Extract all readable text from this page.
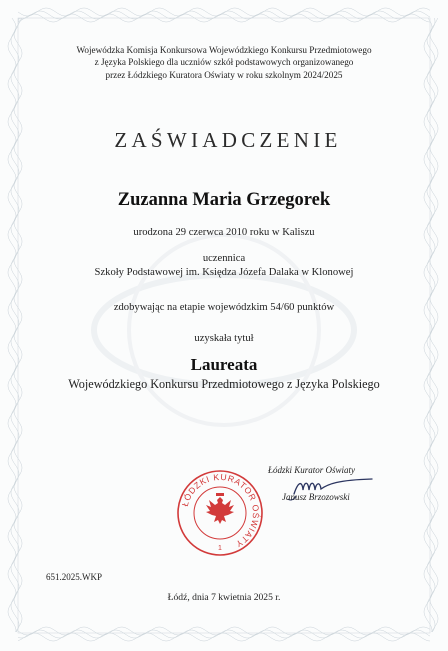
Wojewódzka Komisja Konkursowa Wojewódzkiego Konkursu Przedmiotowego
z Języka Polskiego dla uczniów szkół podstawowych organizowanego
przez Łódzkiego Kuratora Oświaty w roku szkolnym 2024/2025
ZAŚWIADCZENIE
Zuzanna Maria Grzegorek
urodzona 29 czerwca 2010 roku w Kaliszu
uczennica
Szkoły Podstawowej im. Księdza Józefa Dalaka w Klonowej
zdobywając na etapie wojewódzkim 54/60 punktów
uzyskała tytuł
Laureata
Wojewódzkiego Konkursu Przedmiotowego z Języka Polskiego
ŁÓDZKI KURATOR OŚWIATY
1
Łódzki Kurator Oświaty
Janusz Brzozowski
651.2025.WKP
Łódź, dnia 7 kwietnia 2025 r.
